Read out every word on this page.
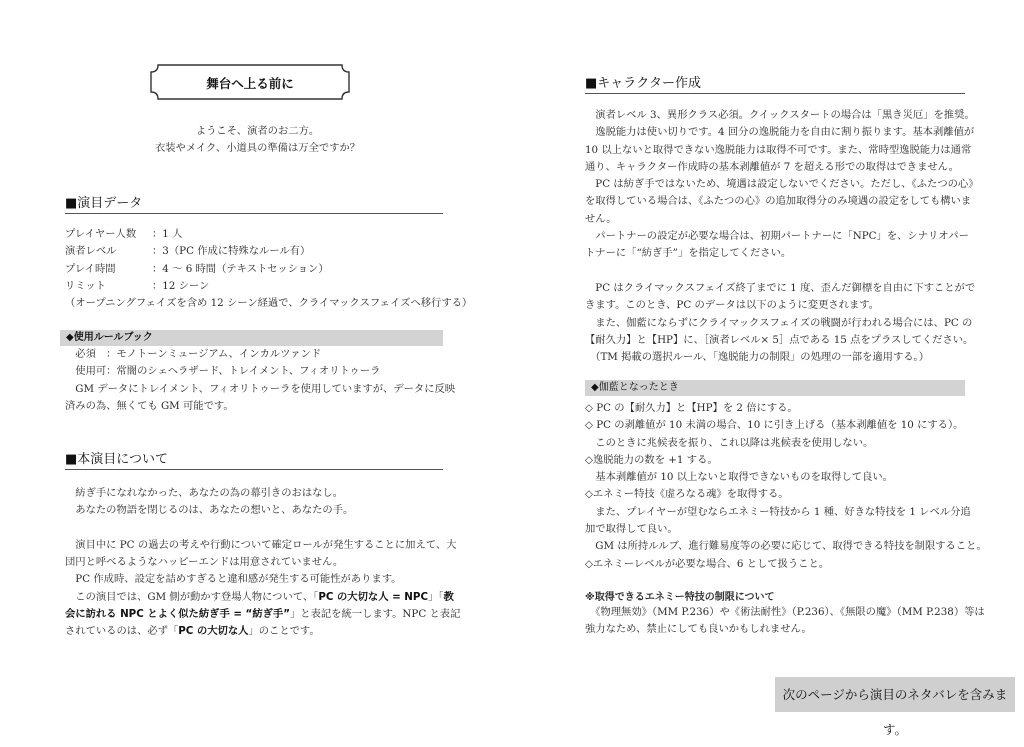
舞台へ上る前に
ようこそ、演者のお二方。
衣装やメイク、小道具の準備は万全ですか？
■演目データ
プレイヤー人数 ：1 人
演者レベル	：3（PC 作成に特殊なルール有）
プレイ時間	：4 ～ 6 時間（テキストセッション）
リミット	：12 シーン
（オープニングフェイズを含め 12 シーン経過で、クライマックスフェイズへ移行する）
◆使用ルールブック
　必須　：モノトーンミュージアム、インカルツァンド
　使用可：常闇のシェヘラザード、トレイメント、フィオリトゥーラ
　GM データにトレイメント、フィオリトゥーラを使用していますが、データに反映
済みの為、無くても GM 可能です。
■本演目について
　紡ぎ手になれなかった、あなたの為の幕引きのおはなし。
　あなたの物語を閉じるのは、あなたの想いと、あなたの手。
　演目中に PC の過去の考えや行動について確定ロールが発生することに加えて、大
団円と呼べるようなハッピーエンドは用意されていません。
　PC 作成時、設定を詰めすぎると違和感が発生する可能性があります。
　この演目では、GM 側が動かす登場人物について、「PC の大切な人 = NPC」「教
会に訪れる NPC とよく似た紡ぎ手 = “紡ぎ手”」と表記を統一します。NPC と表記
されているのは、必ず「PC の大切な人」のことです。
■キャラクター作成
　演者レベル 3、異形クラス必須。クイックスタートの場合は「黒き災厄」を推奨。
　逸脱能力は使い切りです。4 回分の逸脱能力を自由に割り振ります。基本剥離値が
10 以上ないと取得できない逸脱能力は取得不可です。また、常時型逸脱能力は通常
通り、キャラクター作成時の基本剥離値が 7 を超える形での取得はできません。
　PC は紡ぎ手ではないため、境遇は設定しないでください。ただし、《ふたつの心》
を取得している場合は、《ふたつの心》の追加取得分のみ境遇の設定をしても構いま
せん。
　パートナーの設定が必要な場合は、初期パートナーに「NPC」を、シナリオパー
トナーに「“紡ぎ手”」を指定してください。
　PC はクライマックスフェイズ終了までに 1 度、歪んだ御標を自由に下すことがで
きます。このとき、PC のデータは以下のように変更されます。
　また、伽藍にならずにクライマックスフェイズの戦闘が行われる場合には、PC の
【耐久力】と【HP】に、［演者レベル× 5］点である 15 点をプラスしてください。
　（TM 掲載の選択ルール、「逸脱能力の制限」の処理の一部を適用する。）
◆伽藍となったとき
◇ PC の【耐久力】と【HP】を 2 倍にする。
◇ PC の剥離値が 10 未満の場合、10 に引き上げる（基本剥離値を 10 にする）。
　このときに兆候表を振り、これ以降は兆候表を使用しない。
◇逸脱能力の数を +1 する。
　基本剥離値が 10 以上ないと取得できないものを取得して良い。
◇エネミー特技《虚ろなる魂》を取得する。
　また、プレイヤーが望むならエネミー特技から 1 種、好きな特技を 1 レベル分追
加で取得して良い。
　GM は所持ルルブ、進行難易度等の必要に応じて、取得できる特技を制限すること。
◇エネミーレベルが必要な場合、6 として扱うこと。
※取得できるエネミー特技の制限について
　《物理無効》（MM P.236）や《術法耐性》（P.236）、《無限の魔》（MM P.238）等は
強力なため、禁止にしても良いかもしれません。
次のページから演目のネタバレを含みます。
